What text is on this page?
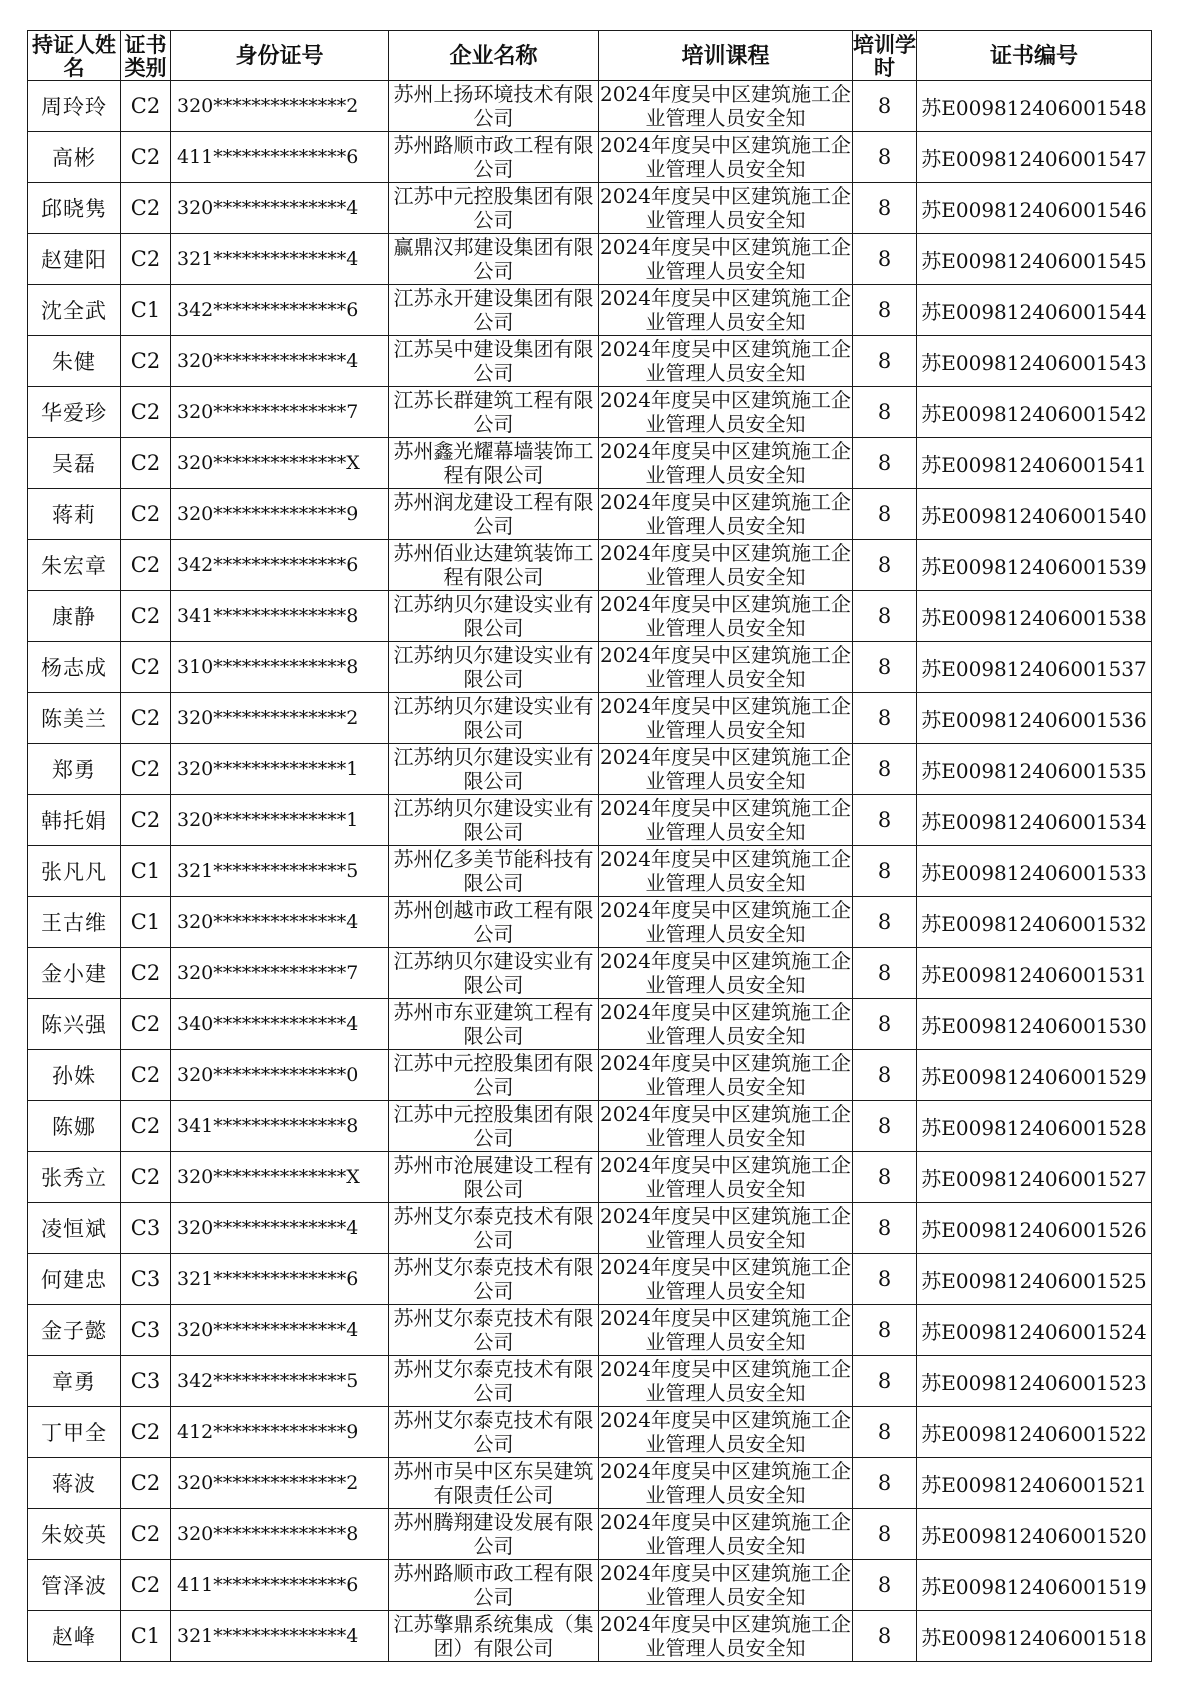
持证人姓名	证书类别	身份证号	企业名称	培训课程	培训学时	证书编号
周玲玲	C2	320**************2	苏州上扬环境技术有限公司	2024年度吴中区建筑施工企业管理人员安全知	8	苏E009812406001548
高彬	C2	411**************6	苏州路顺市政工程有限公司	2024年度吴中区建筑施工企业管理人员安全知	8	苏E009812406001547
邱晓隽	C2	320**************4	江苏中元控股集团有限公司	2024年度吴中区建筑施工企业管理人员安全知	8	苏E009812406001546
赵建阳	C2	321**************4	赢鼎汉邦建设集团有限公司	2024年度吴中区建筑施工企业管理人员安全知	8	苏E009812406001545
沈全武	C1	342**************6	江苏永开建设集团有限公司	2024年度吴中区建筑施工企业管理人员安全知	8	苏E009812406001544
朱健	C2	320**************4	江苏吴中建设集团有限公司	2024年度吴中区建筑施工企业管理人员安全知	8	苏E009812406001543
华爱珍	C2	320**************7	江苏长群建筑工程有限公司	2024年度吴中区建筑施工企业管理人员安全知	8	苏E009812406001542
吴磊	C2	320**************X	苏州鑫光耀幕墙装饰工程有限公司	2024年度吴中区建筑施工企业管理人员安全知	8	苏E009812406001541
蒋莉	C2	320**************9	苏州润龙建设工程有限公司	2024年度吴中区建筑施工企业管理人员安全知	8	苏E009812406001540
朱宏章	C2	342**************6	苏州佰业达建筑装饰工程有限公司	2024年度吴中区建筑施工企业管理人员安全知	8	苏E009812406001539
康静	C2	341**************8	江苏纳贝尔建设实业有限公司	2024年度吴中区建筑施工企业管理人员安全知	8	苏E009812406001538
杨志成	C2	310**************8	江苏纳贝尔建设实业有限公司	2024年度吴中区建筑施工企业管理人员安全知	8	苏E009812406001537
陈美兰	C2	320**************2	江苏纳贝尔建设实业有限公司	2024年度吴中区建筑施工企业管理人员安全知	8	苏E009812406001536
郑勇	C2	320**************1	江苏纳贝尔建设实业有限公司	2024年度吴中区建筑施工企业管理人员安全知	8	苏E009812406001535
韩托娟	C2	320**************1	江苏纳贝尔建设实业有限公司	2024年度吴中区建筑施工企业管理人员安全知	8	苏E009812406001534
张凡凡	C1	321**************5	苏州亿多美节能科技有限公司	2024年度吴中区建筑施工企业管理人员安全知	8	苏E009812406001533
王古维	C1	320**************4	苏州创越市政工程有限公司	2024年度吴中区建筑施工企业管理人员安全知	8	苏E009812406001532
金小建	C2	320**************7	江苏纳贝尔建设实业有限公司	2024年度吴中区建筑施工企业管理人员安全知	8	苏E009812406001531
陈兴强	C2	340**************4	苏州市东亚建筑工程有限公司	2024年度吴中区建筑施工企业管理人员安全知	8	苏E009812406001530
孙姝	C2	320**************0	江苏中元控股集团有限公司	2024年度吴中区建筑施工企业管理人员安全知	8	苏E009812406001529
陈娜	C2	341**************8	江苏中元控股集团有限公司	2024年度吴中区建筑施工企业管理人员安全知	8	苏E009812406001528
张秀立	C2	320**************X	苏州市沧展建设工程有限公司	2024年度吴中区建筑施工企业管理人员安全知	8	苏E009812406001527
凌恒斌	C3	320**************4	苏州艾尔泰克技术有限公司	2024年度吴中区建筑施工企业管理人员安全知	8	苏E009812406001526
何建忠	C3	321**************6	苏州艾尔泰克技术有限公司	2024年度吴中区建筑施工企业管理人员安全知	8	苏E009812406001525
金子懿	C3	320**************4	苏州艾尔泰克技术有限公司	2024年度吴中区建筑施工企业管理人员安全知	8	苏E009812406001524
章勇	C3	342**************5	苏州艾尔泰克技术有限公司	2024年度吴中区建筑施工企业管理人员安全知	8	苏E009812406001523
丁甲全	C2	412**************9	苏州艾尔泰克技术有限公司	2024年度吴中区建筑施工企业管理人员安全知	8	苏E009812406001522
蒋波	C2	320**************2	苏州市吴中区东吴建筑有限责任公司	2024年度吴中区建筑施工企业管理人员安全知	8	苏E009812406001521
朱姣英	C2	320**************8	苏州腾翔建设发展有限公司	2024年度吴中区建筑施工企业管理人员安全知	8	苏E009812406001520
管泽波	C2	411**************6	苏州路顺市政工程有限公司	2024年度吴中区建筑施工企业管理人员安全知	8	苏E009812406001519
赵峰	C1	321**************4	江苏擎鼎系统集成（集团）有限公司	2024年度吴中区建筑施工企业管理人员安全知	8	苏E009812406001518
